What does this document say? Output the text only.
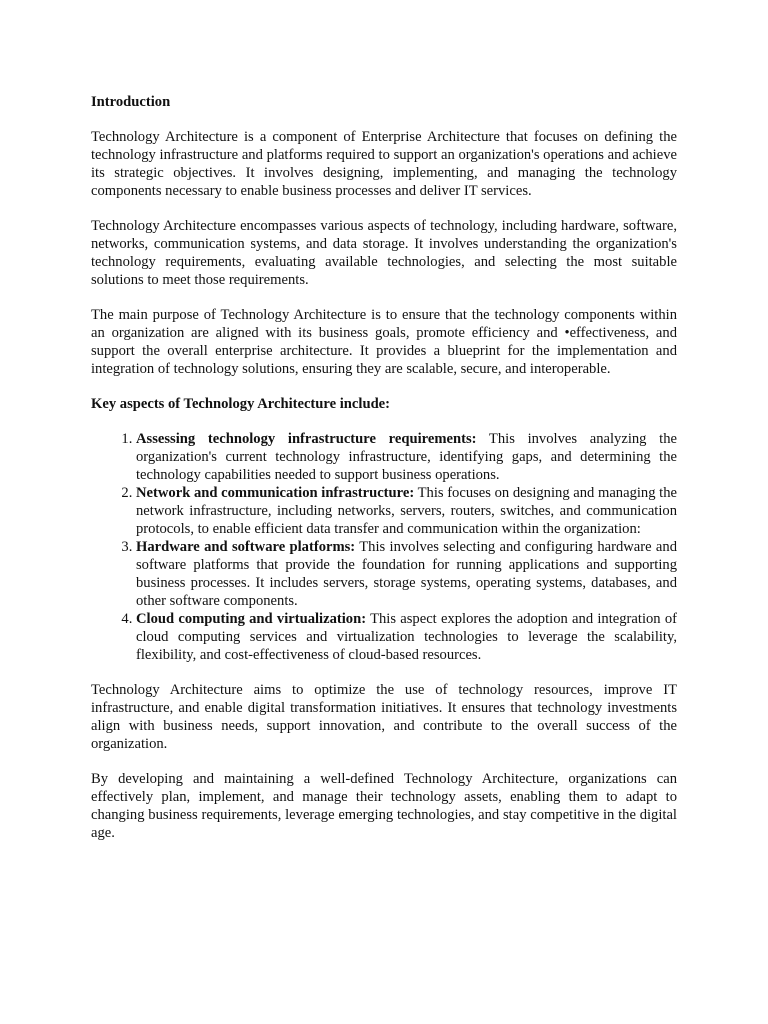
Introduction

Technology Architecture is a component of Enterprise Architecture that focuses on defining the technology infrastructure and platforms required to support an organization's operations and achieve its strategic objectives. It involves designing, implementing, and managing the technology components necessary to enable business processes and deliver IT services.

Technology Architecture encompasses various aspects of technology, including hardware, software, networks, communication systems, and data storage. It involves understanding the organization's technology requirements, evaluating available technologies, and selecting the most suitable solutions to meet those requirements.

The main purpose of Technology Architecture is to ensure that the technology components within an organization are aligned with its business goals, promote efficiency and •effectiveness, and support the overall enterprise architecture. It provides a blueprint for the implementation and integration of technology solutions, ensuring they are scalable, secure, and interoperable.

Key aspects of Technology Architecture include:

1. Assessing technology infrastructure requirements: This involves analyzing the organization's current technology infrastructure, identifying gaps, and determining the technology capabilities needed to support business operations.
2. Network and communication infrastructure: This focuses on designing and managing the network infrastructure, including networks, servers, routers, switches, and communication protocols, to enable efficient data transfer and communication within the organization:
3. Hardware and software platforms: This involves selecting and configuring hardware and software platforms that provide the foundation for running applications and supporting business processes. It includes servers, storage systems, operating systems, databases, and other software components.
4. Cloud computing and virtualization: This aspect explores the adoption and integration of cloud computing services and virtualization technologies to leverage the scalability, flexibility, and cost-effectiveness of cloud-based resources.

Technology Architecture aims to optimize the use of technology resources, improve IT infrastructure, and enable digital transformation initiatives. It ensures that technology investments align with business needs, support innovation, and contribute to the overall success of the organization.

By developing and maintaining a well-defined Technology Architecture, organizations can effectively plan, implement, and manage their technology assets, enabling them to adapt to changing business requirements, leverage emerging technologies, and stay competitive in the digital age.
